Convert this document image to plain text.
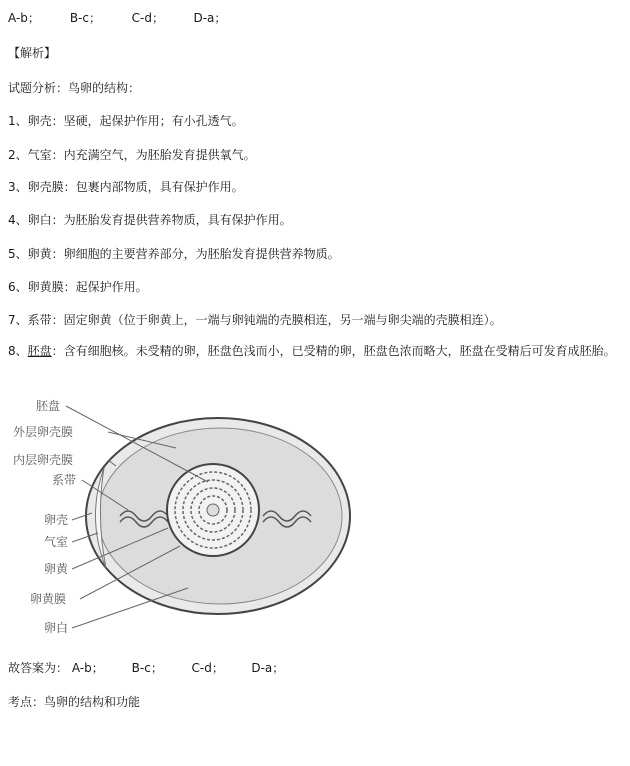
A-b； B-c；	C-d； D-a；
【解析】
试题分析：鸟卵的结构：
1、卵壳：坚硬，起保护作用；有小孔透气。
2、气室：内充满空气，为胚胎发育提供氧气。
3、卵壳膜：包裹内部物质，具有保护作用。
4、卵白：为胚胎发育提供营养物质，具有保护作用。
5、卵黄：卵细胞的主要营养部分，为胚胎发育提供营养物质。
6、卵黄膜：起保护作用。
7、系带：固定卵黄（位于卵黄上，一端与卵钝端的壳膜相连，另一端与卵尖端的壳膜相连）。
8、胚盘：含有细胞核。未受精的卵，胚盘色浅而小，已受精的卵，胚盘色浓而略大，胚盘在受精后可发育成胚胎。
胚盘
外层卵壳膜
内层卵壳膜
系带
卵壳
气室
卵黄
卵黄膜
卵白
故答案为： A-b； B-c； C-d； D-a；
考点：鸟卵的结构和功能
